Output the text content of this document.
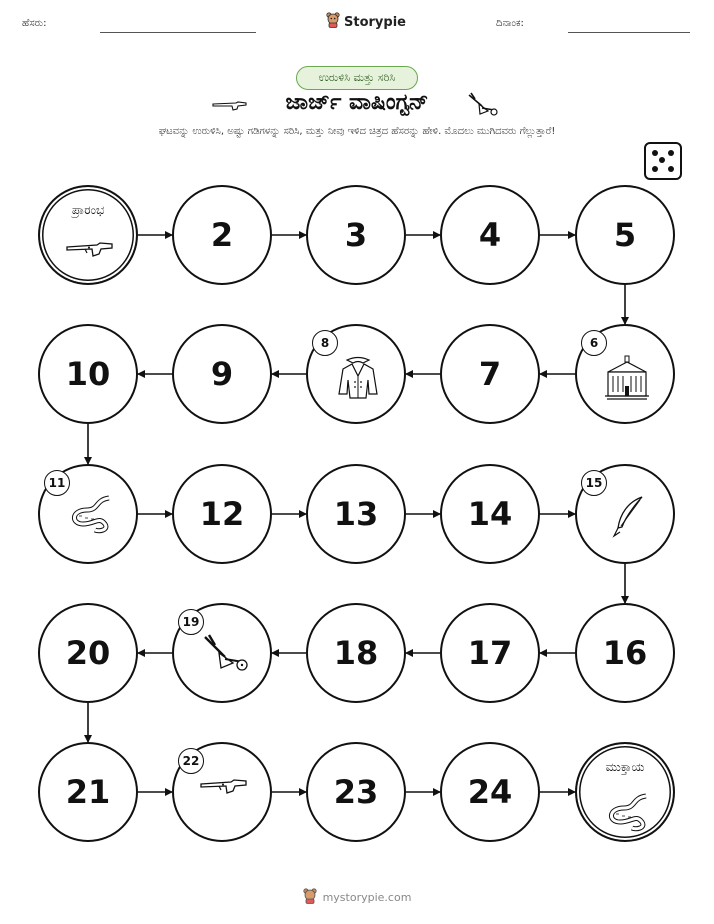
ಹೆಸರು:	Storypie	ದಿನಾಂಕ:
ಉರುಳಿಸಿ ಮತ್ತು ಸರಿಸಿ
ಜಾರ್ಜ್ ವಾಷಿಂಗ್ಟನ್
ಘಟವನ್ನು ಉರುಳಿಸಿ, ಅಷ್ಟು ಗಡಿಗಳನ್ನು ಸರಿಸಿ, ಮತ್ತು ನೀವು ಇಳಿದ ಚಿತ್ರದ ಹೆಸರನ್ನು ಹೇಳಿ. ಮೊದಲು ಮುಗಿದವರು ಗೆಲ್ಲುತ್ತಾರೆ!
ಪ್ರಾರಂಭ
2	3	4	5
6
7
8
9
10
11
12	13	14
15
16
17
18
19
20
21
22
23	24
ಮುಕ್ತಾಯ
mystorypie.com
